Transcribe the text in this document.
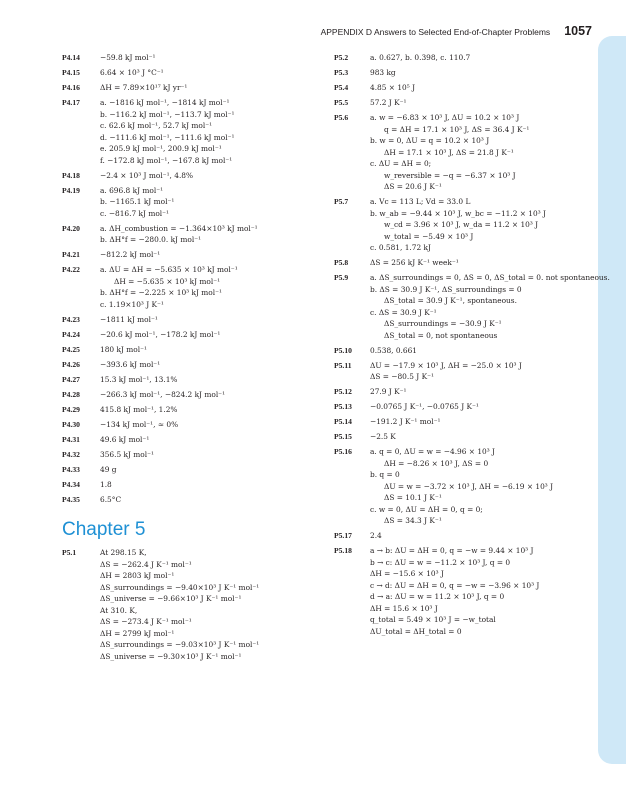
APPENDIX D Answers to Selected End-of-Chapter Problems 1057
P4.14	−59.8 kJ mol⁻¹
P4.15	6.64 × 10³ J °C⁻¹
P4.16	ΔH = 7.89×10¹⁷ kJ yr⁻¹
P4.17	a. −1816 kJ mol⁻¹, −1814 kJ mol⁻¹
b. −116.2 kJ mol⁻¹, −113.7 kJ mol⁻¹
c. 62.6 kJ mol⁻¹, 52.7 kJ mol⁻¹
d. −111.6 kJ mol⁻¹, −111.6 kJ mol⁻¹
e. 205.9 kJ mol⁻¹, 200.9 kJ mol⁻¹
f. −172.8 kJ mol⁻¹, −167.8 kJ mol⁻¹
P4.18	−2.4 × 10³ J mol⁻¹, 4.8%
P4.19	a. 696.8 kJ mol⁻¹
b. −1165.1 kJ mol⁻¹
c. −816.7 kJ mol⁻¹
P4.20	a. ΔH_combustion = −1.364×10³ kJ mol⁻¹
b. ΔH°f = −280.0. kJ mol⁻¹
P4.21	−812.2 kJ mol⁻¹
P4.22	a. ΔU = ΔH = −5.635 × 10³ kJ mol⁻¹
ΔH = −5.635 × 10³ kJ mol⁻¹
b. ΔH°f = −2.225 × 10³ kJ mol⁻¹
c. 1.19×10³ J K⁻¹
P4.23	−1811 kJ mol⁻¹
P4.24	−20.6 kJ mol⁻¹, −178.2 kJ mol⁻¹
P4.25	180 kJ mol⁻¹
P4.26	−393.6 kJ mol⁻¹
P4.27	15.3 kJ mol⁻¹, 13.1%
P4.28	−266.3 kJ mol⁻¹, −824.2 kJ mol⁻¹
P4.29	415.8 kJ mol⁻¹, 1.2%
P4.30	−134 kJ mol⁻¹, ≈ 0%
P4.31	49.6 kJ mol⁻¹
P4.32	356.5 kJ mol⁻¹
P4.33	49 g
P4.34	1.8
P4.35	6.5°C
Chapter 5
P5.1	At 298.15 K,
ΔS = −262.4 J K⁻¹ mol⁻¹
ΔH = 2803 kJ mol⁻¹
ΔS_surroundings = −9.40×10³ J K⁻¹ mol⁻¹
ΔS_universe = −9.66×10³ J K⁻¹ mol⁻¹
At 310. K,
ΔS = −273.4 J K⁻¹ mol⁻¹
ΔH = 2799 kJ mol⁻¹
ΔS_surroundings = −9.03×10³ J K⁻¹ mol⁻¹
ΔS_universe = −9.30×10³ J K⁻¹ mol⁻¹
P5.2	a. 0.627, b. 0.398, c. 110.7
P5.3	983 kg
P5.4	4.85 × 10⁵ J
P5.5	57.2 J K⁻¹
P5.6	a. w = −6.83 × 10³ J, ΔU = 10.2 × 10³ J
q = ΔH = 17.1 × 10³ J, ΔS = 36.4 J K⁻¹
b. w = 0, ΔU = q = 10.2 × 10³ J
ΔH = 17.1 × 10³ J, ΔS = 21.8 J K⁻¹
c. ΔU = ΔH = 0;
w_reversible = −q = −6.37 × 10³ J
ΔS = 20.6 J K⁻¹
P5.7	a. Vc = 113 L; Vd = 33.0 L
b. w_ab = −9.44 × 10³ J, w_bc = −11.2 × 10³ J
w_cd = 3.96 × 10³ J, w_da = 11.2 × 10³ J
w_total = −5.49 × 10³ J
c. 0.581, 1.72 kJ
P5.8	ΔS = 256 kJ K⁻¹ week⁻¹
P5.9	a. ΔS_surroundings = 0, ΔS = 0, ΔS_total = 0. not spontaneous.
b. ΔS = 30.9 J K⁻¹, ΔS_surroundings = 0
ΔS_total = 30.9 J K⁻¹, spontaneous.
c. ΔS = 30.9 J K⁻¹
ΔS_surroundings = −30.9 J K⁻¹
ΔS_total = 0, not spontaneous
P5.10	0.538, 0.661
P5.11	ΔU = −17.9 × 10³ J, ΔH = −25.0 × 10³ J
ΔS = −80.5 J K⁻¹
P5.12	27.9 J K⁻¹
P5.13	−0.0765 J K⁻¹, −0.0765 J K⁻¹
P5.14	−191.2 J K⁻¹ mol⁻¹
P5.15	−2.5 K
P5.16	a. q = 0, ΔU = w = −4.96 × 10³ J
ΔH = −8.26 × 10³ J, ΔS = 0
b. q = 0
ΔU = w = −3.72 × 10³ J, ΔH = −6.19 × 10³ J
ΔS = 10.1 J K⁻¹
c. w = 0, ΔU = ΔH = 0, q = 0;
ΔS = 34.3 J K⁻¹
P5.17	2.4
P5.18	a → b: ΔU = ΔH = 0, q = −w = 9.44 × 10³ J
b → c: ΔU = w = −11.2 × 10³ J, q = 0
ΔH = −15.6 × 10³ J
c → d: ΔU = ΔH = 0, q = −w = −3.96 × 10³ J
d → a: ΔU = w = 11.2 × 10³ J, q = 0
ΔH = 15.6 × 10³ J
q_total = 5.49 × 10³ J = −w_total
ΔU_total = ΔH_total = 0
